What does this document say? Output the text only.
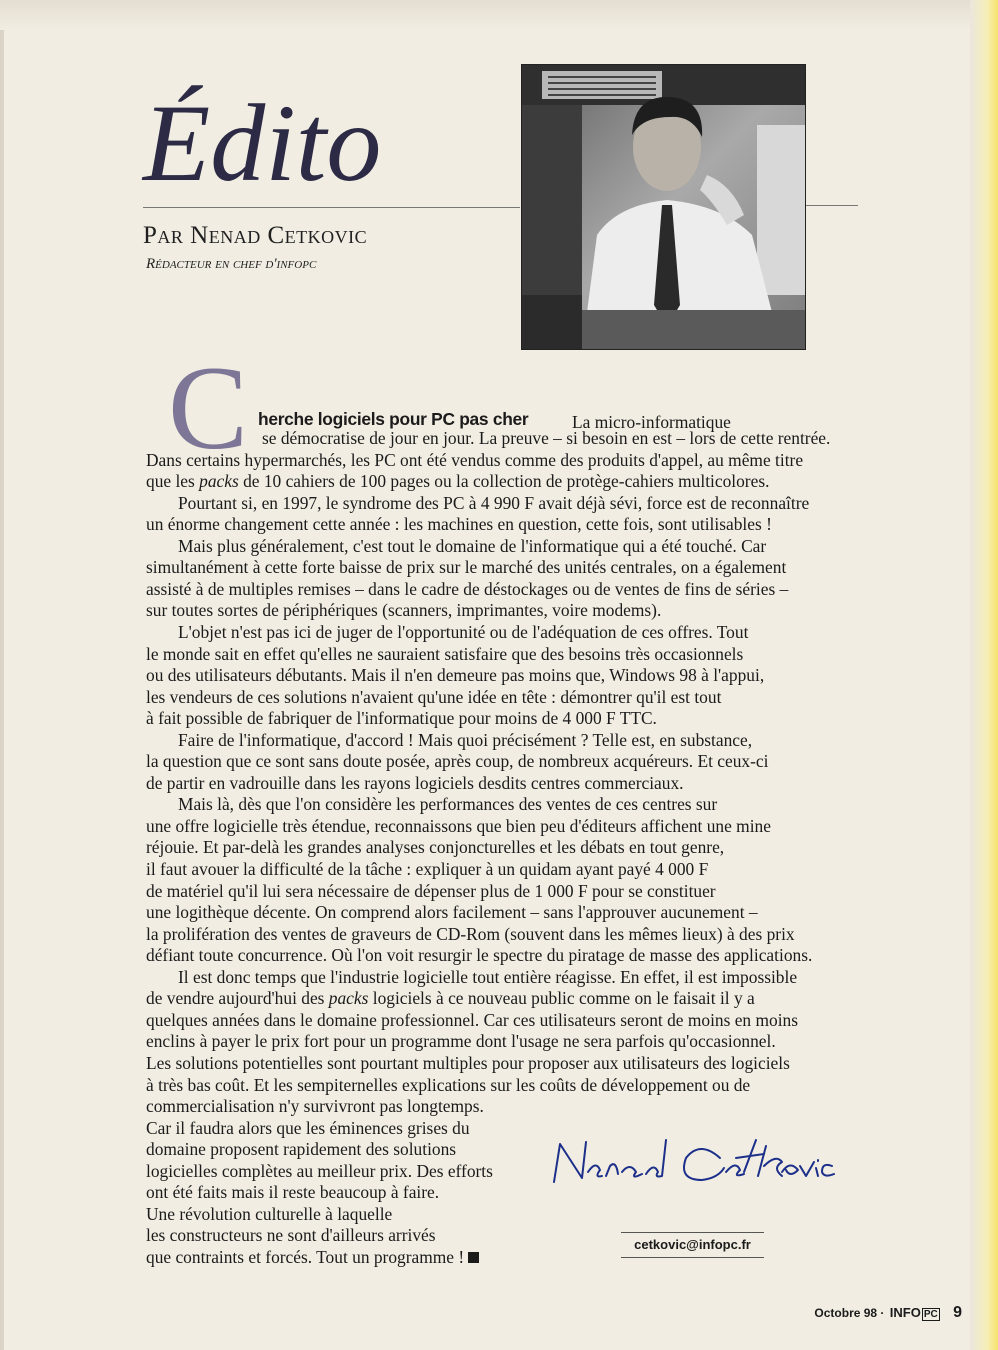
Édito
Par Nenad Cetkovic
Rédacteur en chef d'infopc
C	La micro-informatique
se démocratise de jour en jour. La preuve – si besoin en est – lors de cette rentrée.
Dans certains hypermarchés, les PC ont été vendus comme des produits d'appel, au même titre
que les packs de 10 cahiers de 100 pages ou la collection de protège-cahiers multicolores.
Pourtant si, en 1997, le syndrome des PC à 4 990 F avait déjà sévi, force est de reconnaître
un énorme changement cette année : les machines en question, cette fois, sont utilisables !
Mais plus généralement, c'est tout le domaine de l'informatique qui a été touché. Car
simultanément à cette forte baisse de prix sur le marché des unités centrales, on a également
assisté à de multiples remises – dans le cadre de déstockages ou de ventes de fins de séries –
sur toutes sortes de périphériques (scanners, imprimantes, voire modems).
L'objet n'est pas ici de juger de l'opportunité ou de l'adéquation de ces offres. Tout
le monde sait en effet qu'elles ne sauraient satisfaire que des besoins très occasionnels
ou des utilisateurs débutants. Mais il n'en demeure pas moins que, Windows 98 à l'appui,
les vendeurs de ces solutions n'avaient qu'une idée en tête : démontrer qu'il est tout
à fait possible de fabriquer de l'informatique pour moins de 4 000 F TTC.
Faire de l'informatique, d'accord ! Mais quoi précisément ? Telle est, en substance,
la question que ce sont sans doute posée, après coup, de nombreux acquéreurs. Et ceux-ci
de partir en vadrouille dans les rayons logiciels desdits centres commerciaux.
Mais là, dès que l'on considère les performances des ventes de ces centres sur
une offre logicielle très étendue, reconnaissons que bien peu d'éditeurs affichent une mine
réjouie. Et par-delà les grandes analyses conjoncturelles et les débats en tout genre,
il faut avouer la difficulté de la tâche : expliquer à un quidam ayant payé 4 000 F
de matériel qu'il lui sera nécessaire de dépenser plus de 1 000 F pour se constituer
une logithèque décente. On comprend alors facilement – sans l'approuver aucunement –
la prolifération des ventes de graveurs de CD-Rom (souvent dans les mêmes lieux) à des prix
défiant toute concurrence. Où l'on voit resurgir le spectre du piratage de masse des applications.
Il est donc temps que l'industrie logicielle tout entière réagisse. En effet, il est impossible
de vendre aujourd'hui des packs logiciels à ce nouveau public comme on le faisait il y a
quelques années dans le domaine professionnel. Car ces utilisateurs seront de moins en moins
enclins à payer le prix fort pour un programme dont l'usage ne sera parfois qu'occasionnel.
Les solutions potentielles sont pourtant multiples pour proposer aux utilisateurs des logiciels
à très bas coût. Et les sempiternelles explications sur les coûts de développement ou de
commercialisation n'y survivront pas longtemps.
Car il faudra alors que les éminences grises du
domaine proposent rapidement des solutions
logicielles complètes au meilleur prix. Des efforts
ont été faits mais il reste beaucoup à faire.
Une révolution culturelle à laquelle
les constructeurs ne sont d'ailleurs arrivés
que contraints et forcés. Tout un programme !
herche logiciels pour PC pas cher
cetkovic@infopc.fr
Octobre 98 · INFO PC 9
